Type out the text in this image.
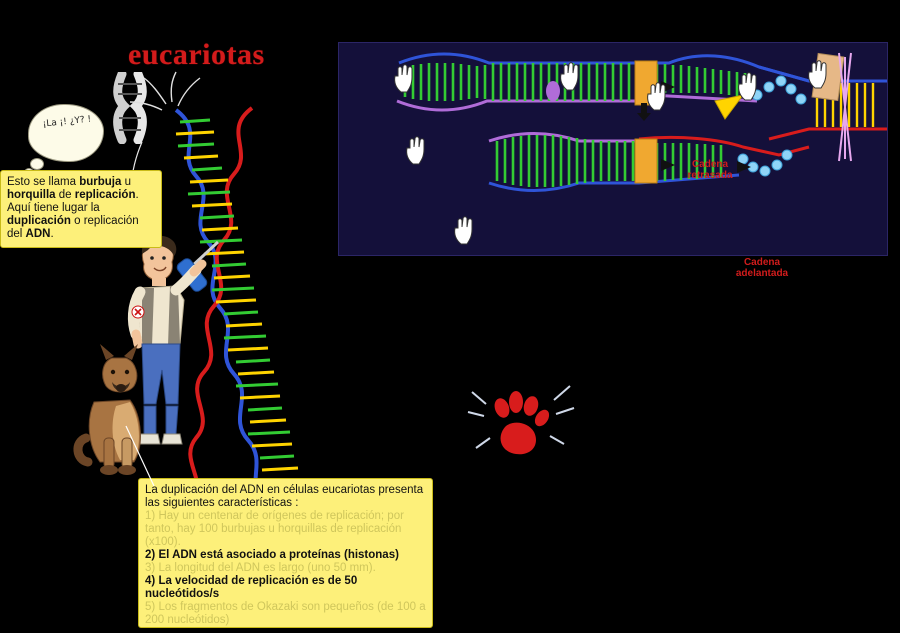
eucariotas
Cadena retrasada
Cadena adelantada
¡La ¡! ¿Y? !
Esto se llama burbuja u horquilla de replicación. Aquí tiene lugar la duplicación o replicación del ADN.
La duplicación del ADN en células eucariotas presenta las siguientes características :
1) Hay un centenar de orígenes de replicación; por tanto, hay 100 burbujas u horquillas de replicación (x100).
2) El ADN está asociado a proteínas (histonas)
3) La longitud del ADN es largo (uno 50 mm).
4) La velocidad de replicación es de 50 nucleótidos/s
5) Los fragmentos de Okazaki son pequeños (de 100 a 200 nucleótidos)
